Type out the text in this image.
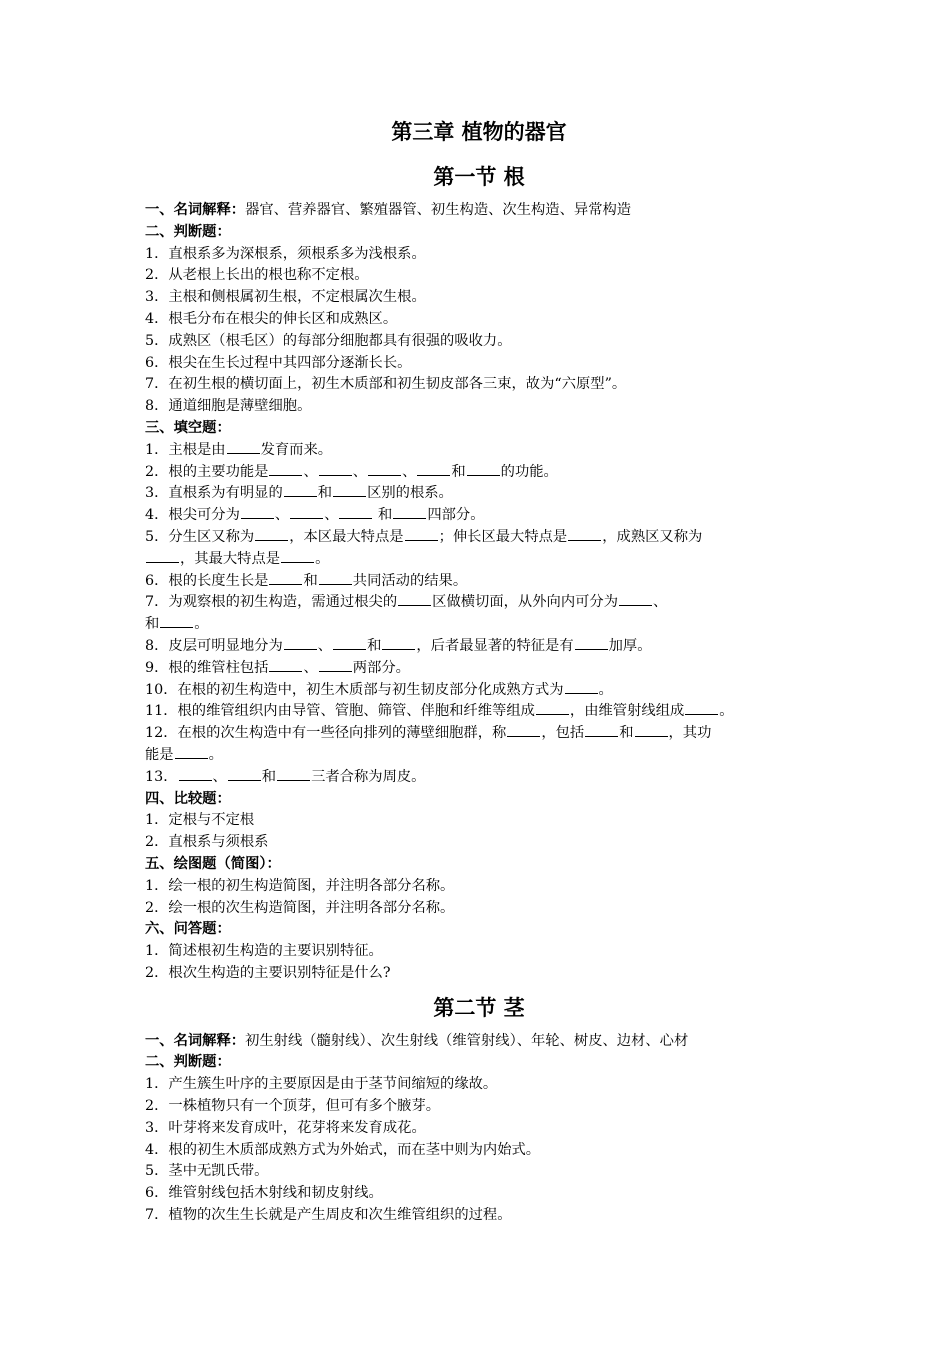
第三章 植物的器官
第一节 根
一、名词解释：器官、营养器官、繁殖器管、初生构造、次生构造、异常构造
二、判断题：
1．直根系多为深根系，须根系多为浅根系。
2．从老根上长出的根也称不定根。
3．主根和侧根属初生根，不定根属次生根。
4．根毛分布在根尖的伸长区和成熟区。
5．成熟区（根毛区）的每部分细胞都具有很强的吸收力。
6．根尖在生长过程中其四部分逐渐长长。
7．在初生根的横切面上，初生木质部和初生韧皮部各三束，故为“六原型”。
8．通道细胞是薄壁细胞。
三、填空题：
1．主根是由 发育而来。
2．根的主要功能是 、 、 、 和 的功能。
3．直根系为有明显的 和 区别的根系。
4．根尖可分为 、 、 和 四部分。
5．分生区又称为 ，本区最大特点是 ；伸长区最大特点是 ，成熟区又称为
，其最大特点是 。
6．根的长度生长是 和 共同活动的结果。
7．为观察根的初生构造，需通过根尖的 区做横切面，从外向内可分为 、
和 。
8．皮层可明显地分为 、 和 ，后者最显著的特征是有 加厚。
9．根的维管柱包括 、 两部分。
10．在根的初生构造中，初生木质部与初生韧皮部分化成熟方式为 。
11．根的维管组织内由导管、管胞、筛管、伴胞和纤维等组成 ，由维管射线组成 。
12．在根的次生构造中有一些径向排列的薄壁细胞群，称 ，包括 和 ，其功
能是 。
13． 、 和 三者合称为周皮。
四、比较题：
1．定根与不定根
2．直根系与须根系
五、绘图题（简图）：
1．绘一根的初生构造简图，并注明各部分名称。
2．绘一根的次生构造简图，并注明各部分名称。
六、问答题：
1．简述根初生构造的主要识别特征。
2．根次生构造的主要识别特征是什么?
第二节 茎
一、名词解释：初生射线（髓射线）、次生射线（维管射线）、年轮、树皮、边材、心材
二、判断题：
1．产生簇生叶序的主要原因是由于茎节间缩短的缘故。
2．一株植物只有一个顶芽，但可有多个腋芽。
3．叶芽将来发育成叶，花芽将来发育成花。
4．根的初生木质部成熟方式为外始式，而在茎中则为内始式。
5．茎中无凯氏带。
6．维管射线包括木射线和韧皮射线。
7．植物的次生生长就是产生周皮和次生维管组织的过程。
